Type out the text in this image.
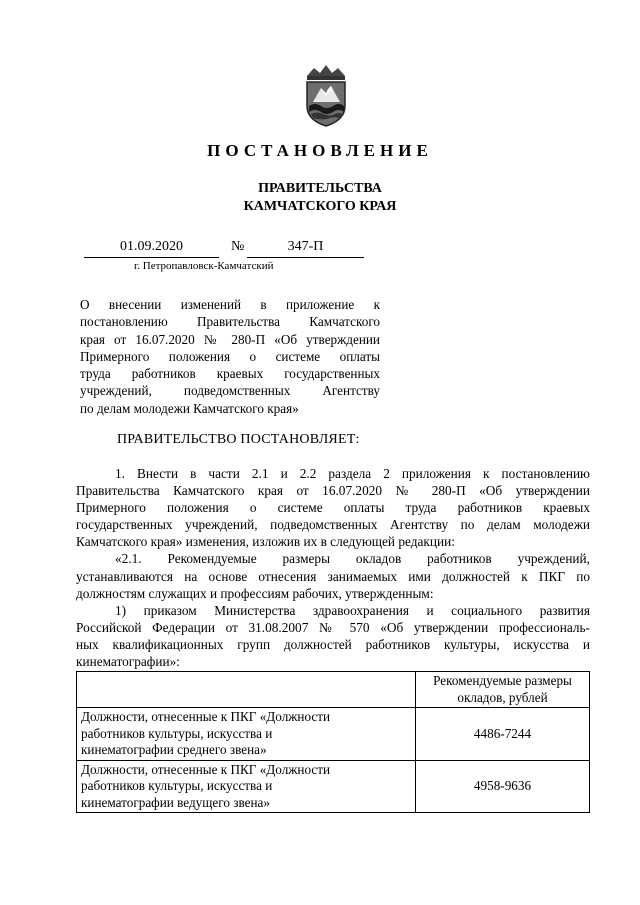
ПОСТАНОВЛЕНИЕ
ПРАВИТЕЛЬСТВА
КАМЧАТСКОГО КРАЯ
01.09.2020	№	347-П
г. Петропавловск-Камчатский
О внесении изменений в приложение к
постановлению Правительства Камчатского
края от 16.07.2020 № 280-П «Об утверждении
Примерного положения о системе оплаты
труда работников краевых государственных
учреждений, подведомственных Агентству
по делам молодежи Камчатского края»
ПРАВИТЕЛЬСТВО ПОСТАНОВЛЯЕТ:
1. Внести в части 2.1 и 2.2 раздела 2 приложения к постановлению
Правительства Камчатского края от 16.07.2020 № 280-П «Об утверждении
Примерного положения о системе оплаты труда работников краевых
государственных учреждений, подведомственных Агентству по делам молодежи
Камчатского края» изменения, изложив их в следующей редакции:
«2.1. Рекомендуемые размеры окладов работников учреждений,
устанавливаются на основе отнесения занимаемых ими должностей к ПКГ по
должностям служащих и профессиям рабочих, утвержденным:
1) приказом Министерства здравоохранения и социального развития
Российской Федерации от 31.08.2007 № 570 «Об утверждении профессиональ-
ных квалификационных групп должностей работников культуры, искусства и
кинематографии»:

	Рекомендуемые размеры
окладов, рублей

Должности, отнесенные к ПКГ «Должности
работников культуры, искусства и
кинематографии среднего звена»	4486-7244

Должности, отнесенные к ПКГ «Должности
работников культуры, искусства и
кинематографии ведущего звена»	4958-9636
